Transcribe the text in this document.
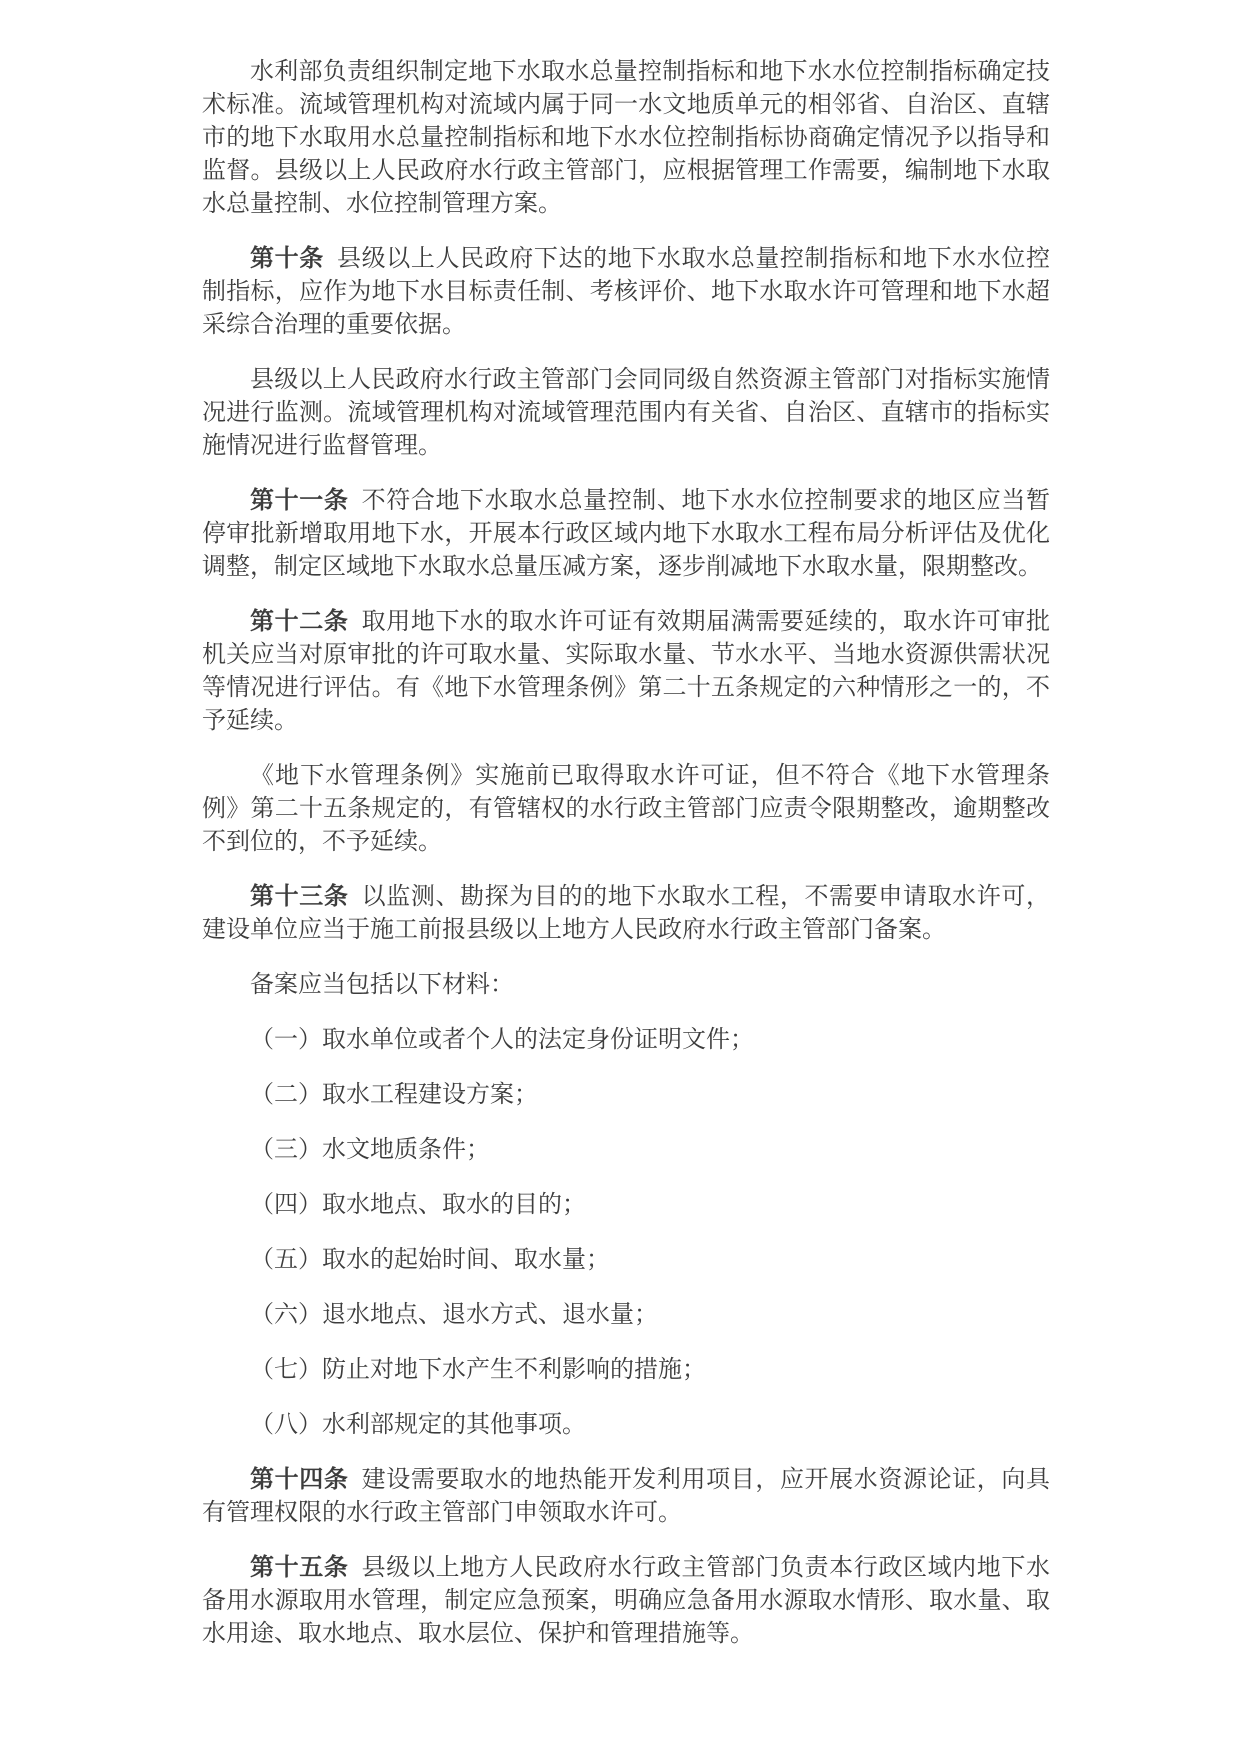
水利部负责组织制定地下水取水总量控制指标和地下水水位控制指标确定技术标准。流域管理机构对流域内属于同一水文地质单元的相邻省、自治区、直辖市的地下水取用水总量控制指标和地下水水位控制指标协商确定情况予以指导和监督。县级以上人民政府水行政主管部门，应根据管理工作需要，编制地下水取水总量控制、水位控制管理方案。

第十条 县级以上人民政府下达的地下水取水总量控制指标和地下水水位控制指标，应作为地下水目标责任制、考核评价、地下水取水许可管理和地下水超采综合治理的重要依据。

县级以上人民政府水行政主管部门会同同级自然资源主管部门对指标实施情况进行监测。流域管理机构对流域管理范围内有关省、自治区、直辖市的指标实施情况进行监督管理。

第十一条 不符合地下水取水总量控制、地下水水位控制要求的地区应当暂停审批新增取用地下水，开展本行政区域内地下水取水工程布局分析评估及优化调整，制定区域地下水取水总量压减方案，逐步削减地下水取水量，限期整改。

第十二条 取用地下水的取水许可证有效期届满需要延续的，取水许可审批机关应当对原审批的许可取水量、实际取水量、节水水平、当地水资源供需状况等情况进行评估。有《地下水管理条例》第二十五条规定的六种情形之一的，不予延续。

《地下水管理条例》实施前已取得取水许可证，但不符合《地下水管理条例》第二十五条规定的，有管辖权的水行政主管部门应责令限期整改，逾期整改不到位的，不予延续。

第十三条 以监测、勘探为目的的地下水取水工程，不需要申请取水许可，建设单位应当于施工前报县级以上地方人民政府水行政主管部门备案。

备案应当包括以下材料：

（一）取水单位或者个人的法定身份证明文件；

（二）取水工程建设方案；

（三）水文地质条件；

（四）取水地点、取水的目的；

（五）取水的起始时间、取水量；

（六）退水地点、退水方式、退水量；

（七）防止对地下水产生不利影响的措施；

（八）水利部规定的其他事项。

第十四条 建设需要取水的地热能开发利用项目，应开展水资源论证，向具有管理权限的水行政主管部门申领取水许可。

第十五条 县级以上地方人民政府水行政主管部门负责本行政区域内地下水备用水源取用水管理，制定应急预案，明确应急备用水源取水情形、取水量、取水用途、取水地点、取水层位、保护和管理措施等。
